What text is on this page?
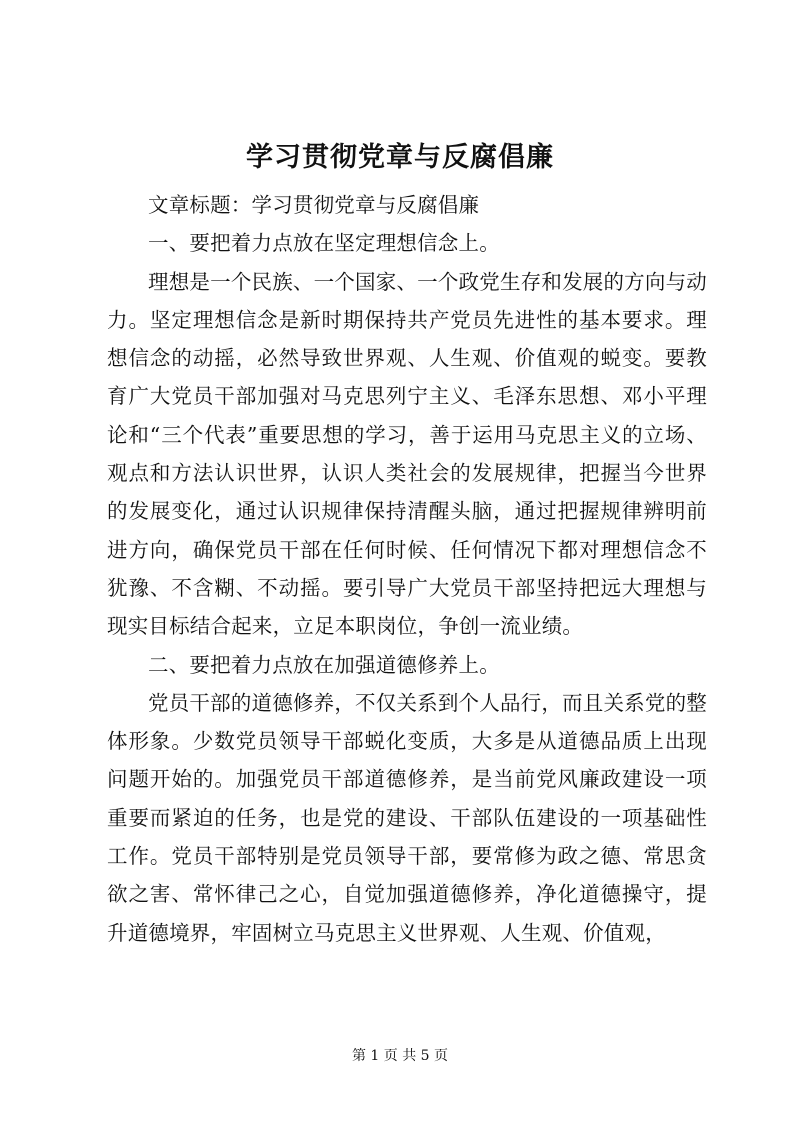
学习贯彻党章与反腐倡廉

文章标题：学习贯彻党章与反腐倡廉

一、要把着力点放在坚定理想信念上。

理想是一个民族、一个国家、一个政党生存和发展的方向与动力。坚定理想信念是新时期保持共产党员先进性的基本要求。理想信念的动摇，必然导致世界观、人生观、价值观的蜕变。要教育广大党员干部加强对马克思列宁主义、毛泽东思想、邓小平理论和“三个代表”重要思想的学习，善于运用马克思主义的立场、观点和方法认识世界，认识人类社会的发展规律，把握当今世界的发展变化，通过认识规律保持清醒头脑，通过把握规律辨明前进方向，确保党员干部在任何时候、任何情况下都对理想信念不犹豫、不含糊、不动摇。要引导广大党员干部坚持把远大理想与现实目标结合起来，立足本职岗位，争创一流业绩。

二、要把着力点放在加强道德修养上。

党员干部的道德修养，不仅关系到个人品行，而且关系党的整体形象。少数党员领导干部蜕化变质，大多是从道德品质上出现问题开始的。加强党员干部道德修养，是当前党风廉政建设一项重要而紧迫的任务，也是党的建设、干部队伍建设的一项基础性工作。党员干部特别是党员领导干部，要常修为政之德、常思贪欲之害、常怀律己之心，自觉加强道德修养，净化道德操守，提升道德境界，牢固树立马克思主义世界观、人生观、价值观，

第 1 页 共 5 页
